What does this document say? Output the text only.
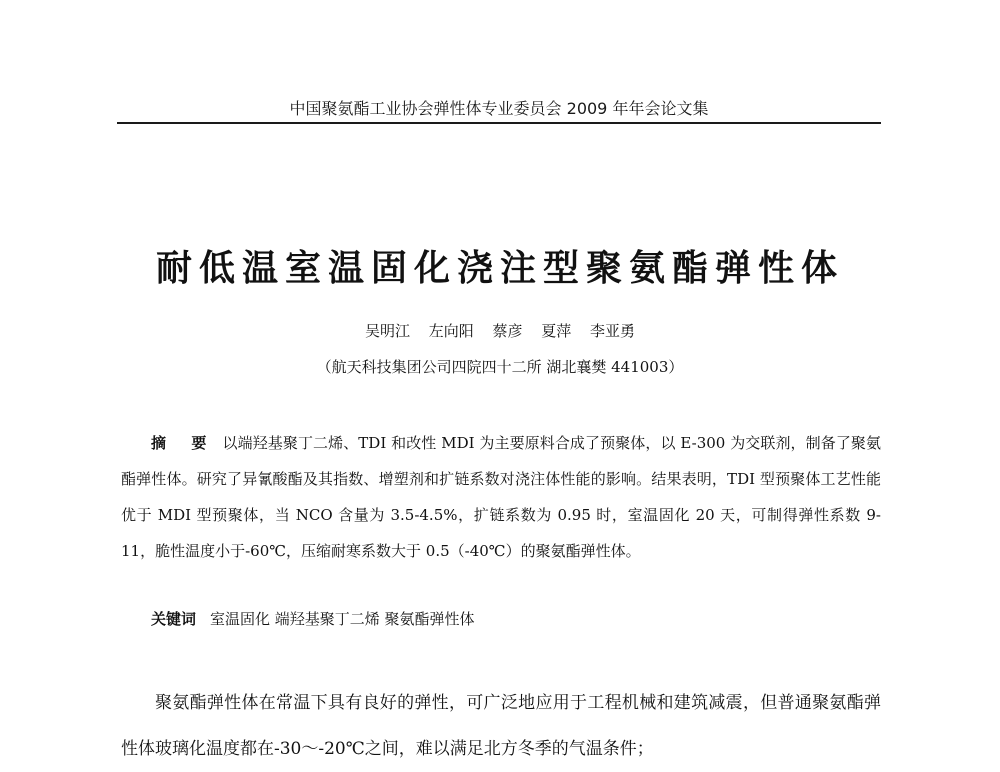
中国聚氨酯工业协会弹性体专业委员会 2009 年年会论文集
耐低温室温固化浇注型聚氨酯弹性体
吴明江 左向阳 蔡彦 夏萍 李亚勇
（航天科技集团公司四院四十二所 湖北襄樊 441003）

摘 要 以端羟基聚丁二烯、TDI 和改性 MDI 为主要原料合成了预聚体，以 E-300 为交联剂，制备了聚氨酯弹性体。研究了异氰酸酯及其指数、增塑剂和扩链系数对浇注体性能的影响。结果表明，TDI 型预聚体工艺性能优于 MDI 型预聚体，当 NCO 含量为 3.5-4.5%，扩链系数为 0.95 时，室温固化 20 天，可制得弹性系数 9-11，脆性温度小于-60℃，压缩耐寒系数大于 0.5（-40℃）的聚氨酯弹性体。

关键词 室温固化 端羟基聚丁二烯 聚氨酯弹性体

聚氨酯弹性体在常温下具有良好的弹性，可广泛地应用于工程机械和建筑减震，但普通聚氨酯弹性体玻璃化温度都在-30～-20℃之间，难以满足北方冬季的气温条件；
